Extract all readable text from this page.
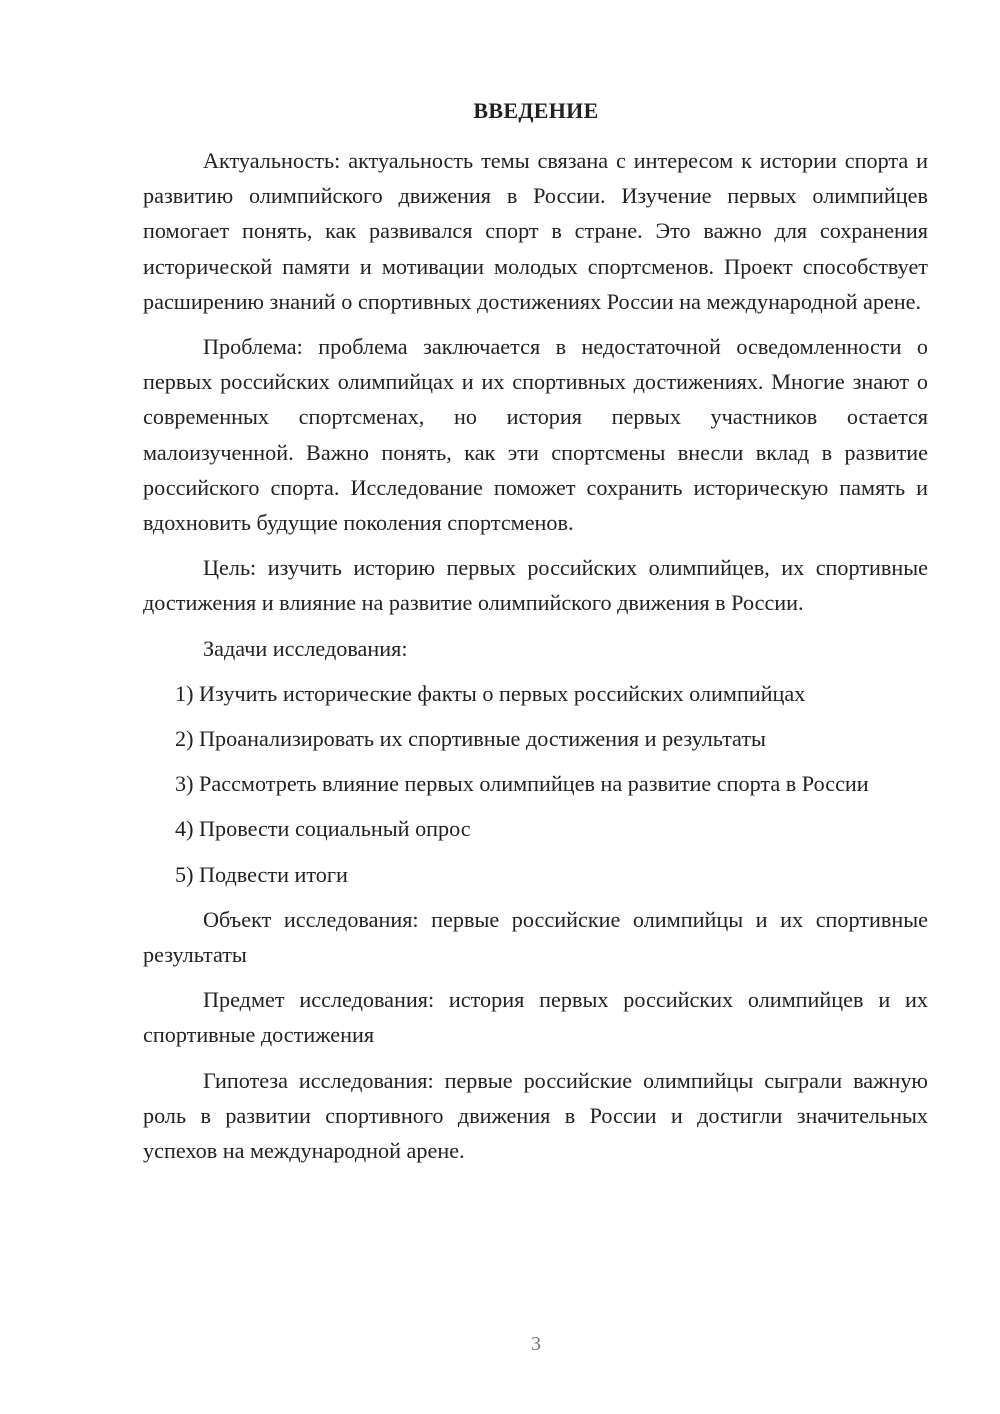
ВВЕДЕНИЕ

Актуальность: актуальность темы связана с интересом к истории спорта и развитию олимпийского движения в России. Изучение первых олимпийцев помогает понять, как развивался спорт в стране. Это важно для сохранения исторической памяти и мотивации молодых спортсменов. Проект способствует расширению знаний о спортивных достижениях России на международной арене.

Проблема: проблема заключается в недостаточной осведомленности о первых российских олимпийцах и их спортивных достижениях. Многие знают о современных спортсменах, но история первых участников остается малоизученной. Важно понять, как эти спортсмены внесли вклад в развитие российского спорта. Исследование поможет сохранить историческую память и вдохновить будущие поколения спортсменов.

Цель: изучить историю первых российских олимпийцев, их спортивные достижения и влияние на развитие олимпийского движения в России.

Задачи исследования:

1) Изучить исторические факты о первых российских олимпийцах

2) Проанализировать их спортивные достижения и результаты

3) Рассмотреть влияние первых олимпийцев на развитие спорта в России

4) Провести социальный опрос

5) Подвести итоги

Объект исследования: первые российские олимпийцы и их спортивные результаты

Предмет исследования: история первых российских олимпийцев и их спортивные достижения

Гипотеза исследования: первые российские олимпийцы сыграли важную роль в развитии спортивного движения в России и достигли значительных успехов на международной арене.

3
